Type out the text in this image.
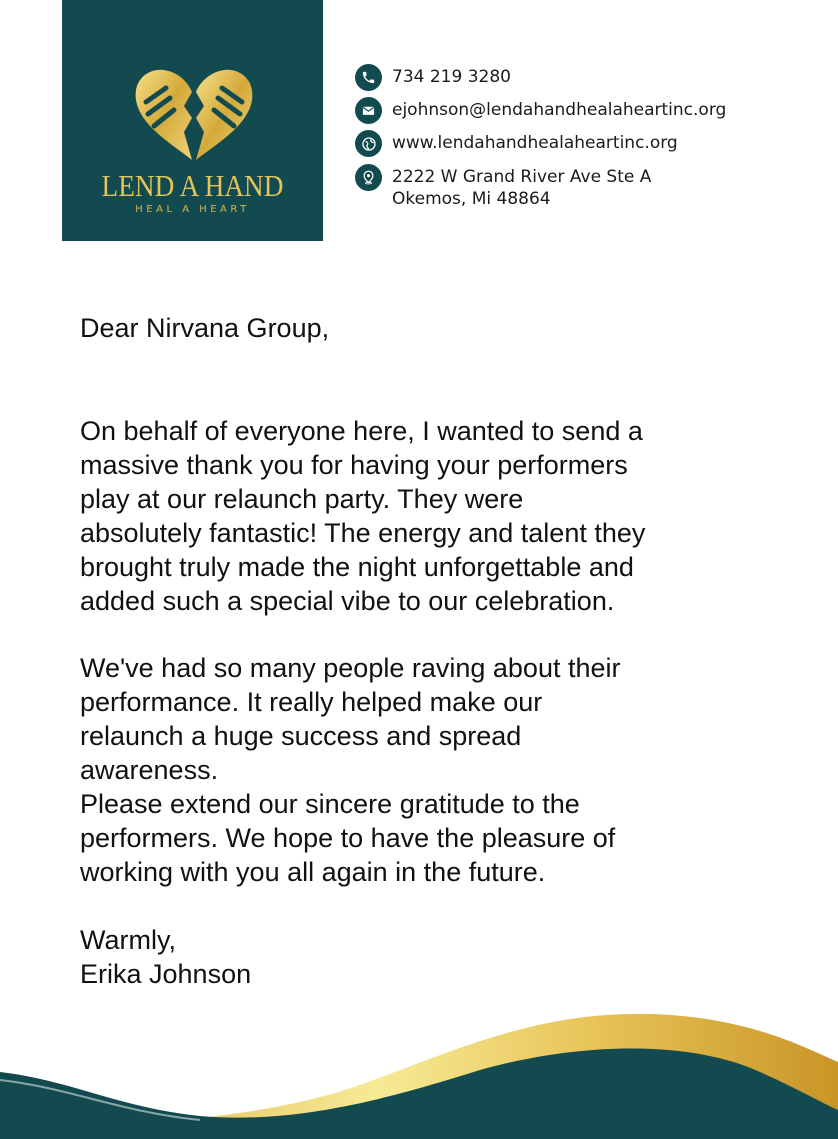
LEND A HAND
HEAL A HEART
734 219 3280
ejohnson@lendahandhealaheartinc.org
www.lendahandhealaheartinc.org
2222 W Grand River Ave Ste A
Okemos, Mi 48864

Dear Nirvana Group,

On behalf of everyone here, I wanted to send a
massive thank you for having your performers
play at our relaunch party. They were
absolutely fantastic! The energy and talent they
brought truly made the night unforgettable and
added such a special vibe to our celebration.

We've had so many people raving about their
performance. It really helped make our
relaunch a huge success and spread
awareness.
Please extend our sincere gratitude to the
performers. We hope to have the pleasure of
working with you all again in the future.

Warmly,

Erika Johnson
